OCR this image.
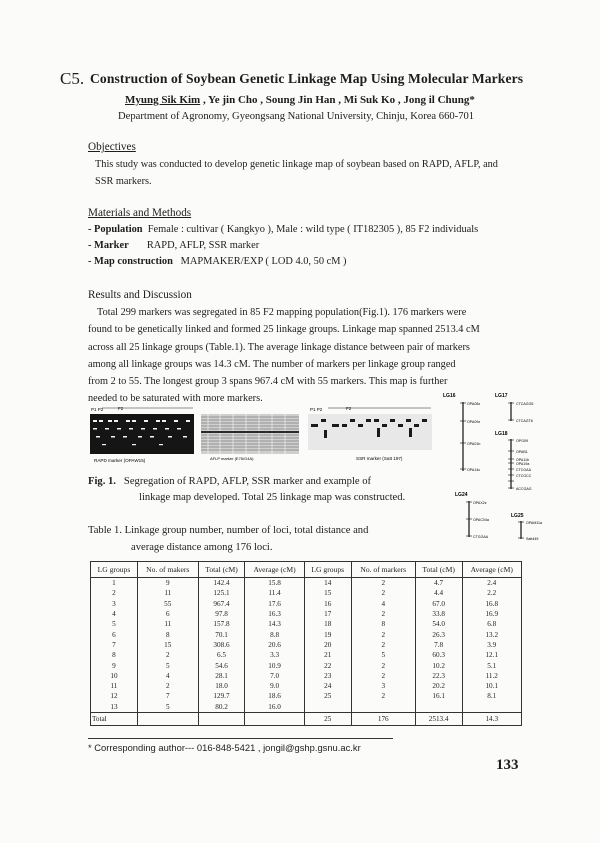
C5. Construction of Soybean Genetic Linkage Map Using Molecular Markers
Myung Sik Kim , Ye jin Cho , Soung Jin Han , Mi Suk Ko , Jong il Chung*
Department of Agronomy, Gyeongsang National University, Chinju, Korea 660-701
Objectives
This study was conducted to develop genetic linkage map of soybean based on RAPD, AFLP, and
SSR markers.
Materials and Methods
- Population Female : cultivar ( Kangkyo ), Male : wild type ( IT182305 ), 85 F2 individuals
- Marker RAPD, AFLP, SSR marker
- Map construction MAPMAKER/EXP ( LOD 4.0, 50 cM )
Results and Discussion
Total 299 markers was segregated in 85 F2 mapping population(Fig.1). 176 markers were
found to be genetically linked and formed 25 linkage groups. Linkage map spanned 2513.4 cM
across all 25 linkage groups (Table.1). The average linkage distance between pair of markers
among all linkage groups was 14.3 cM. The number of markers per linkage group ranged
from 2 to 55. The longest group 3 spans 967.4 cM with 55 markers. This map is further
needed to be saturated with more markers.
P1 P2	F2
RAPD marker (OPAW15)	AFLP marker (E76/G4A)
P1 P2	F2
SSR marker (Satt 197)
LG16	LG17
LG18
LG24
LG25
OPA08z
OPA09z
CTCAGG5
CTCAGT6
OPG09
OPAB1
OPA01b
OPA11b
OPA14c
OPA19a
CTCGAA
CTCGCC
ACCGAG
OPAX2z
OPAC04a
CTGGAA
OPAM11a
Satt449
Fig. 1. Segregation of RAPD, AFLP, SSR marker and example of
linkage map developed. Total 25 linkage map was constructed.
Table 1. Linkage group number, number of loci, total distance and
average distance among 176 loci.
LG groups	No. of makers	Total (cM)	Average (cM)	LG groups	No. of markers	Total (cM)	Average (cM)
1	9	142.4	15.8	14	2	4.7	2.4
2	11	125.1	11.4	15	2	4.4	2.2
3	55	967.4	17.6	16	4	67.0	16.8
4	6	97.8	16.3	17	2	33.8	16.9
5	11	157.8	14.3	18	8	54.0	6.8
6	8	70.1	8.8	19	2	26.3	13.2
7	15	308.6	20.6	20	2	7.8	3.9
8	2	6.5	3.3	21	5	60.3	12.1
9	5	54.6	10.9	22	2	10.2	5.1
10	4	28.1	7.0	23	2	22.3	11.2
11	2	18.0	9.0	24	3	20.2	10.1
12	7	129.7	18.6	25	2	16.1	8.1
13	5	80.2	16.0				
Total				25	176	2513.4	14.3
* Corresponding author--- 016-848-5421 , jongil@gshp.gsnu.ac.kr
133
